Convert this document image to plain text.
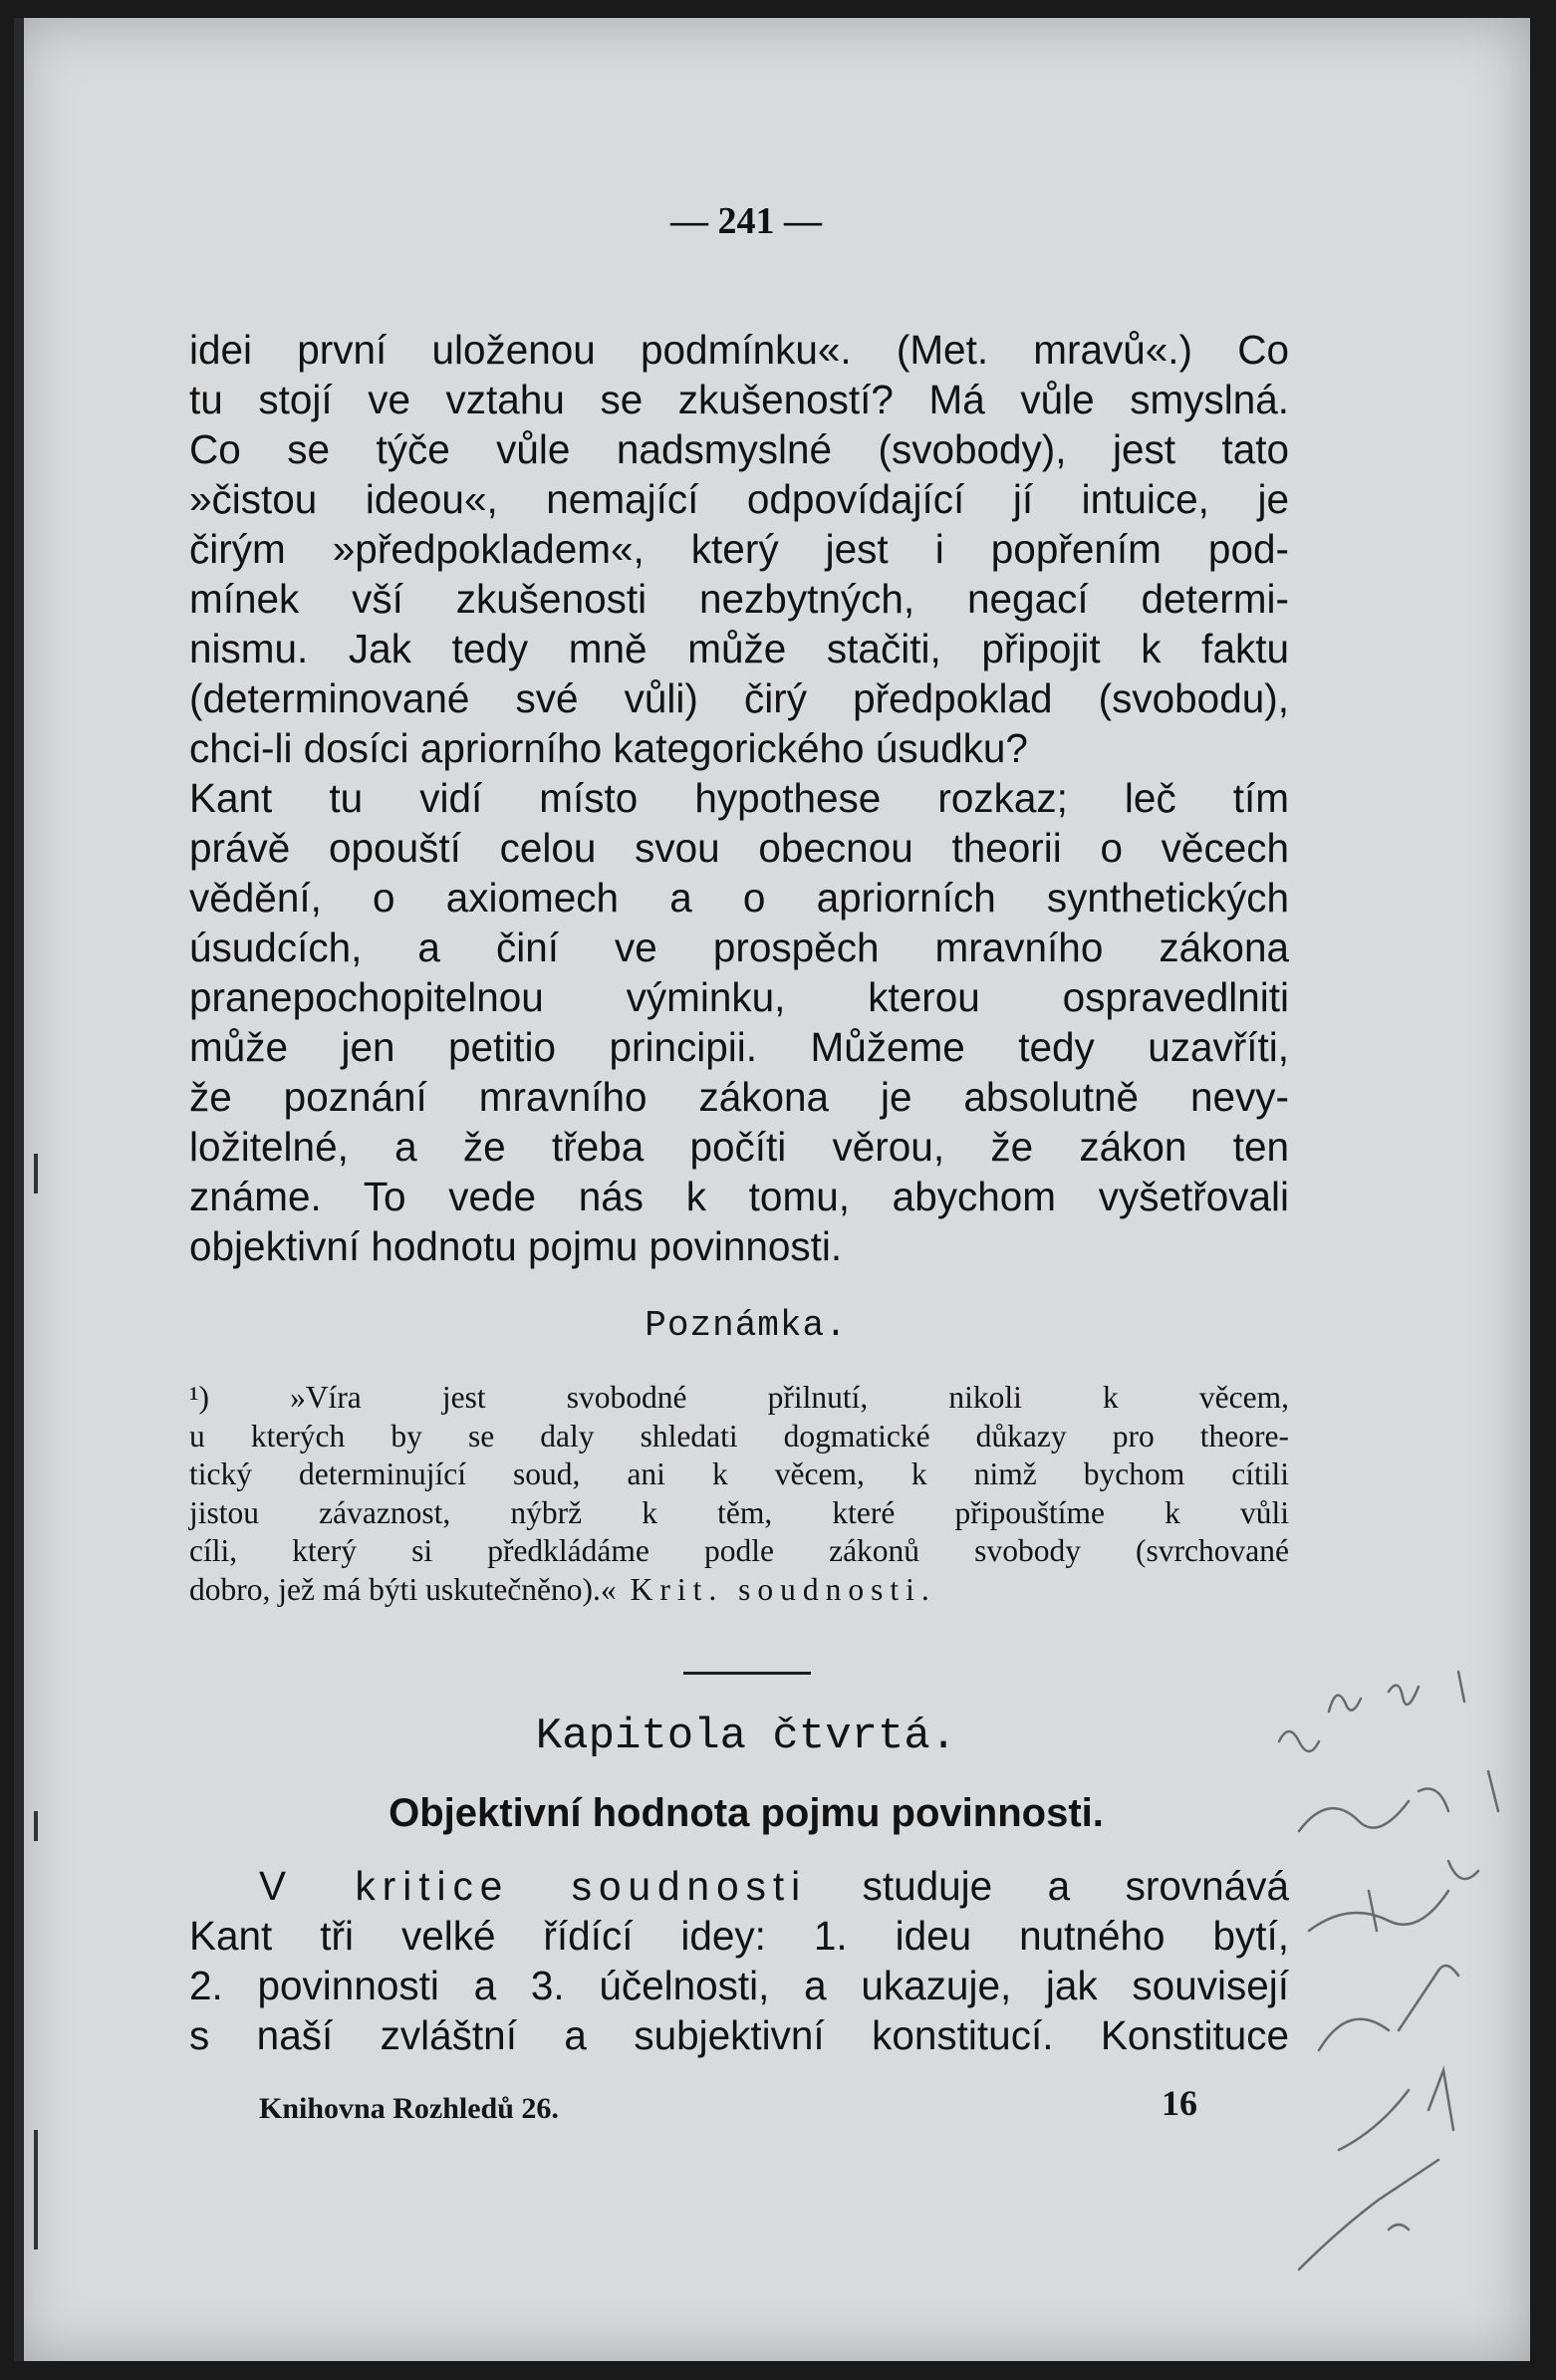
— 241 —
idei první uloženou podmínku«. (Met. mravů«.) Co
tu stojí ve vztahu se zkušeností? Má vůle smyslná.
Co se týče vůle nadsmyslné (svobody), jest tato
»čistou ideou«, nemající odpovídající jí intuice, je
čirým »předpokladem«, který jest i popřením pod-
mínek vší zkušenosti nezbytných, negací determi-
nismu. Jak tedy mně může stačiti, připojit k faktu
(determinované své vůli) čirý předpoklad (svobodu),
chci-li dosíci apriorního kategorického úsudku?
Kant tu vidí místo hypothese rozkaz; leč tím
právě opouští celou svou obecnou theorii o věcech
vědění, o axiomech a o apriorních synthetických
úsudcích, a činí ve prospěch mravního zákona
pranepochopitelnou výminku, kterou ospravedlniti
může jen petitio principii. Můžeme tedy uzavříti,
že poznání mravního zákona je absolutně nevy-
ložitelné, a že třeba počíti věrou, že zákon ten
známe. To vede nás k tomu, abychom vyšetřovali
objektivní hodnotu pojmu povinnosti.
Poznámka.
¹) »Víra jest svobodné přilnutí, nikoli k věcem,
u kterých by se daly shledati dogmatické důkazy pro theore-
tický determinující soud, ani k věcem, k nimž bychom cítili
jistou závaznost, nýbrž k těm, které připouštíme k vůli
cíli, který si předkládáme podle zákonů svobody (svrchované
dobro, jež má býti uskutečněno).« Krit. soudnosti.
Kapitola čtvrtá.
Objektivní hodnota pojmu povinnosti.
V kritice soudnosti studuje a srovnává
Kant tři velké řídící idey: 1. ideu nutného bytí,
2. povinnosti a 3. účelnosti, a ukazuje, jak souvisejí
s naší zvláštní a subjektivní konstitucí. Konstituce
Knihovna Rozhledů 26.	16
